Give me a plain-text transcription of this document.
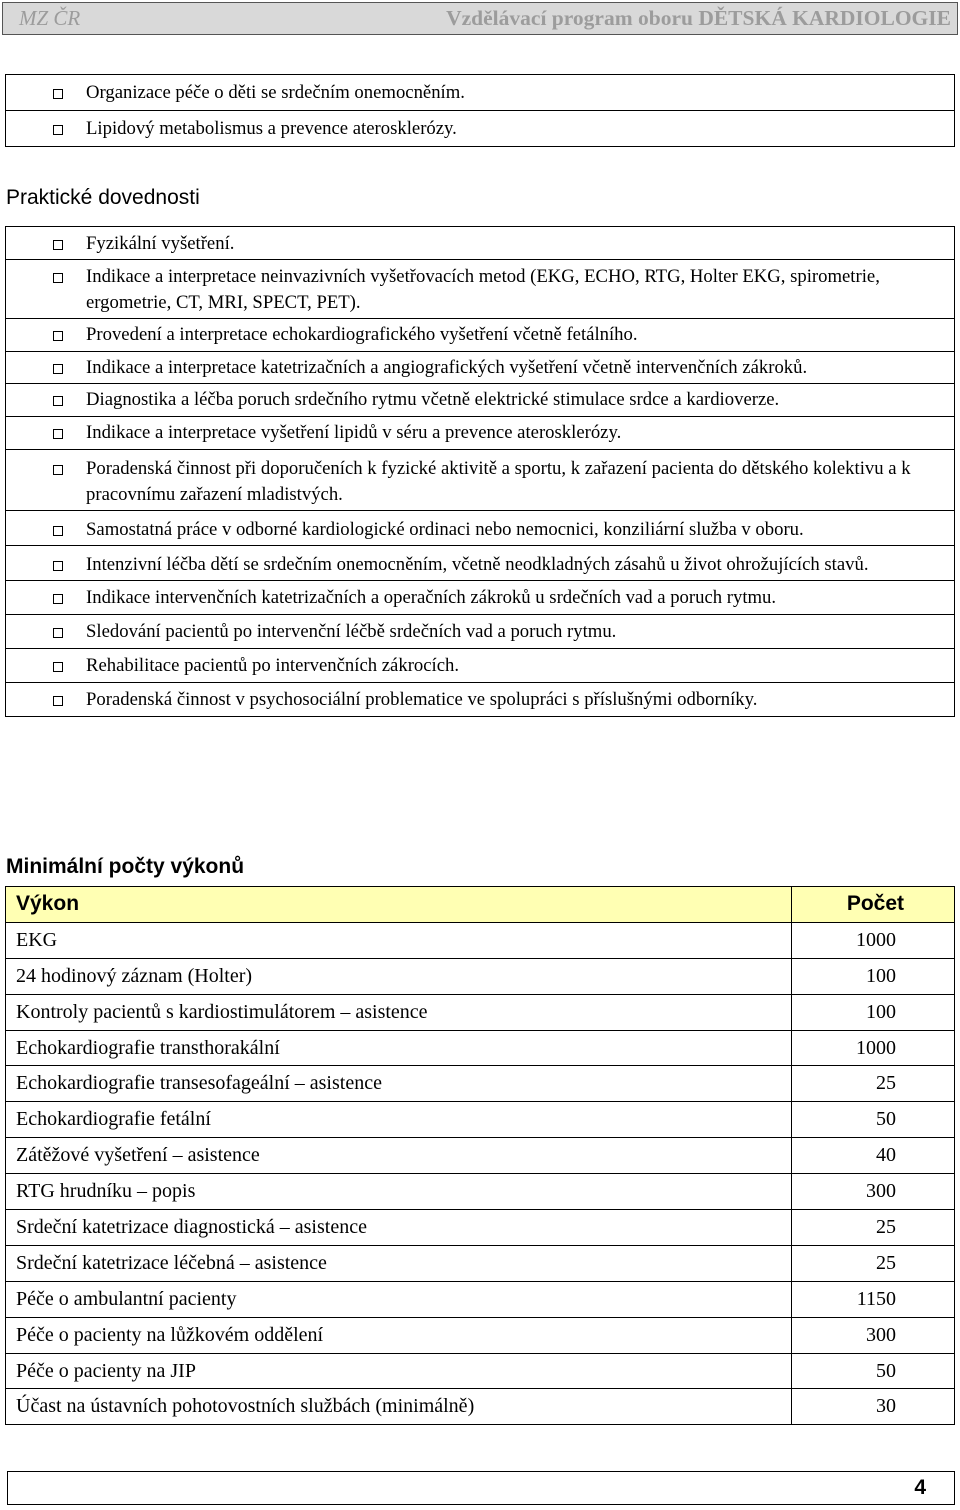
MZ ČR	Vzdělávací program oboru DĚTSKÁ KARDIOLOGIE
Organizace péče o děti se srdečním onemocněním.
Lipidový metabolismus a prevence aterosklerózy.
Praktické dovednosti
Fyzikální vyšetření.
Indikace a interpretace neinvazivních vyšetřovacích metod (EKG, ECHO, RTG, Holter EKG, spirometrie, ergometrie, CT, MRI, SPECT, PET).
Provedení a interpretace echokardiografického vyšetření včetně fetálního.
Indikace a interpretace katetrizačních a angiografických vyšetření včetně intervenčních zákroků.
Diagnostika a léčba poruch srdečního rytmu včetně elektrické stimulace srdce a kardioverze.
Indikace a interpretace vyšetření lipidů v séru a prevence aterosklerózy.
Poradenská činnost při doporučeních k fyzické aktivitě a sportu, k zařazení pacienta do dětského kolektivu a k pracovnímu zařazení mladistvých.
Samostatná práce v odborné kardiologické ordinaci nebo nemocnici, konziliární služba v oboru.
Intenzivní léčba dětí se srdečním onemocněním, včetně neodkladných zásahů u život ohrožujících stavů.
Indikace intervenčních katetrizačních a operačních zákroků u srdečních vad a poruch rytmu.
Sledování pacientů po intervenční léčbě srdečních vad a poruch rytmu.
Rehabilitace pacientů po intervenčních zákrocích.
Poradenská činnost v psychosociální problematice ve spolupráci s příslušnými odborníky.
Minimální počty výkonů
Výkon	Počet
EKG	1000
24 hodinový záznam (Holter)	100
Kontroly pacientů s kardiostimulátorem – asistence	100
Echokardiografie transthorakální	1000
Echokardiografie transesofageální – asistence	25
Echokardiografie fetální	50
Zátěžové vyšetření – asistence	40
RTG hrudníku – popis	300
Srdeční katetrizace diagnostická – asistence	25
Srdeční katetrizace léčebná – asistence	25
Péče o ambulantní pacienty	1150
Péče o pacienty na lůžkovém oddělení	300
Péče o pacienty na JIP	50
Účast na ústavních pohotovostních službách (minimálně)	30
4
